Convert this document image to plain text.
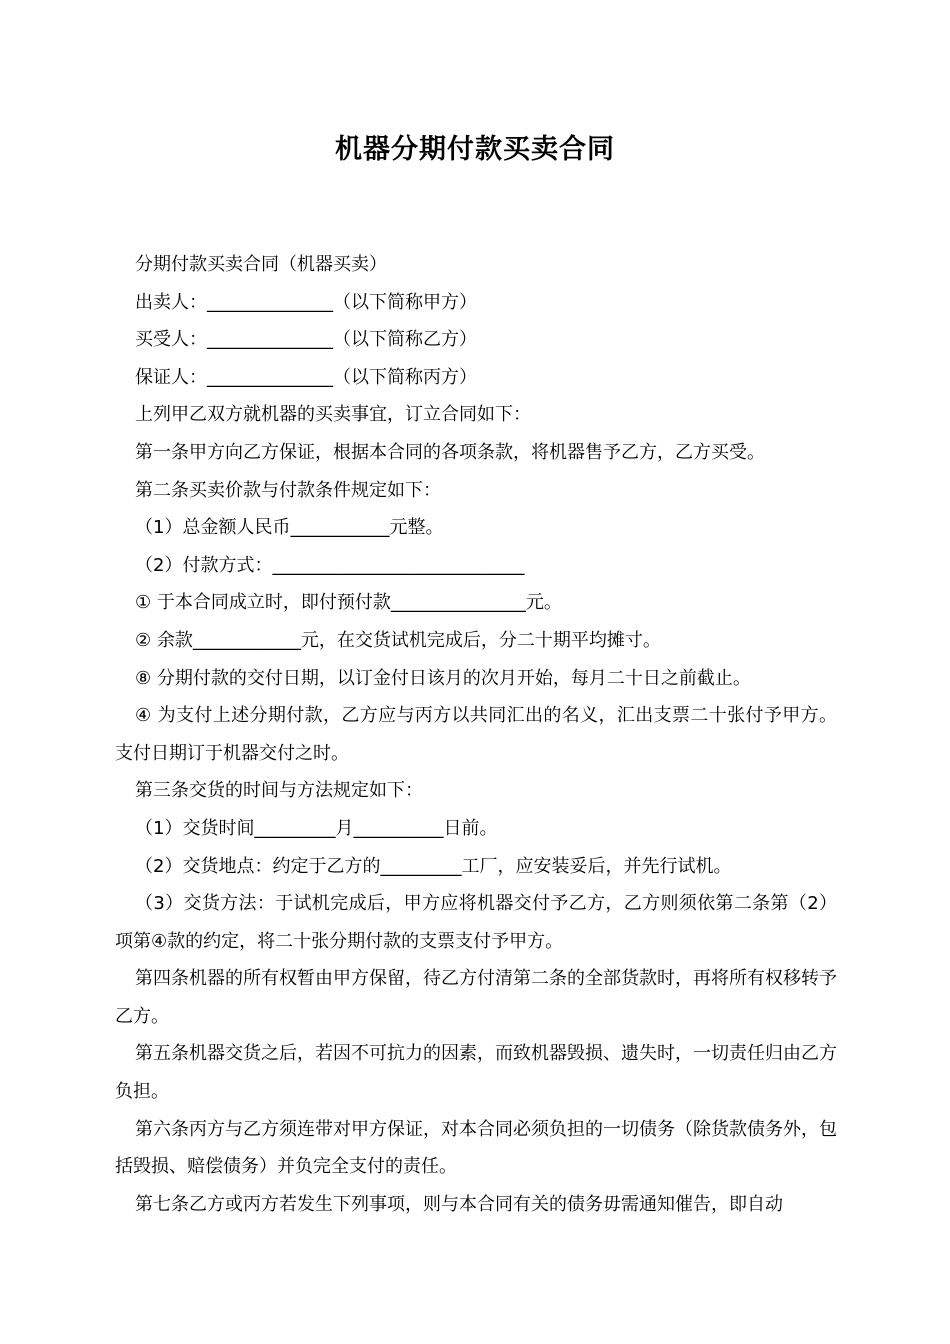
机器分期付款买卖合同

分期付款买卖合同（机器买卖）

出卖人：______________（以下简称甲方）

买受人：______________（以下简称乙方）

保证人：______________（以下简称丙方）

上列甲乙双方就机器的买卖事宜，订立合同如下：

第一条甲方向乙方保证，根据本合同的各项条款，将机器售予乙方，乙方买受。

第二条买卖价款与付款条件规定如下：

（1）总金额人民币___________元整。

（2）付款方式：____________________________

① 于本合同成立时，即付预付款_______________元。

② 余款____________元，在交货试机完成后，分二十期平均摊寸。

⑧ 分期付款的交付日期，以订金付日该月的次月开始，每月二十日之前截止。

④ 为支付上述分期付款，乙方应与丙方以共同汇出的名义，汇出支票二十张付予甲方。支付日期订于机器交付之时。

第三条交货的时间与方法规定如下：

（1）交货时间_________月__________日前。

（2）交货地点：约定于乙方的_________工厂，应安装妥后，并先行试机。

（3）交货方法：于试机完成后，甲方应将机器交付予乙方，乙方则须依第二条第（2）项第④款的约定，将二十张分期付款的支票支付予甲方。

第四条机器的所有权暂由甲方保留，待乙方付清第二条的全部货款时，再将所有权移转予乙方。

第五条机器交货之后，若因不可抗力的因素，而致机器毁损、遗失时，一切责任归由乙方负担。

第六条丙方与乙方须连带对甲方保证，对本合同必须负担的一切债务（除货款债务外，包括毁损、赔偿债务）并负完全支付的责任。

第七条乙方或丙方若发生下列事项，则与本合同有关的债务毋需通知催告，即自动
